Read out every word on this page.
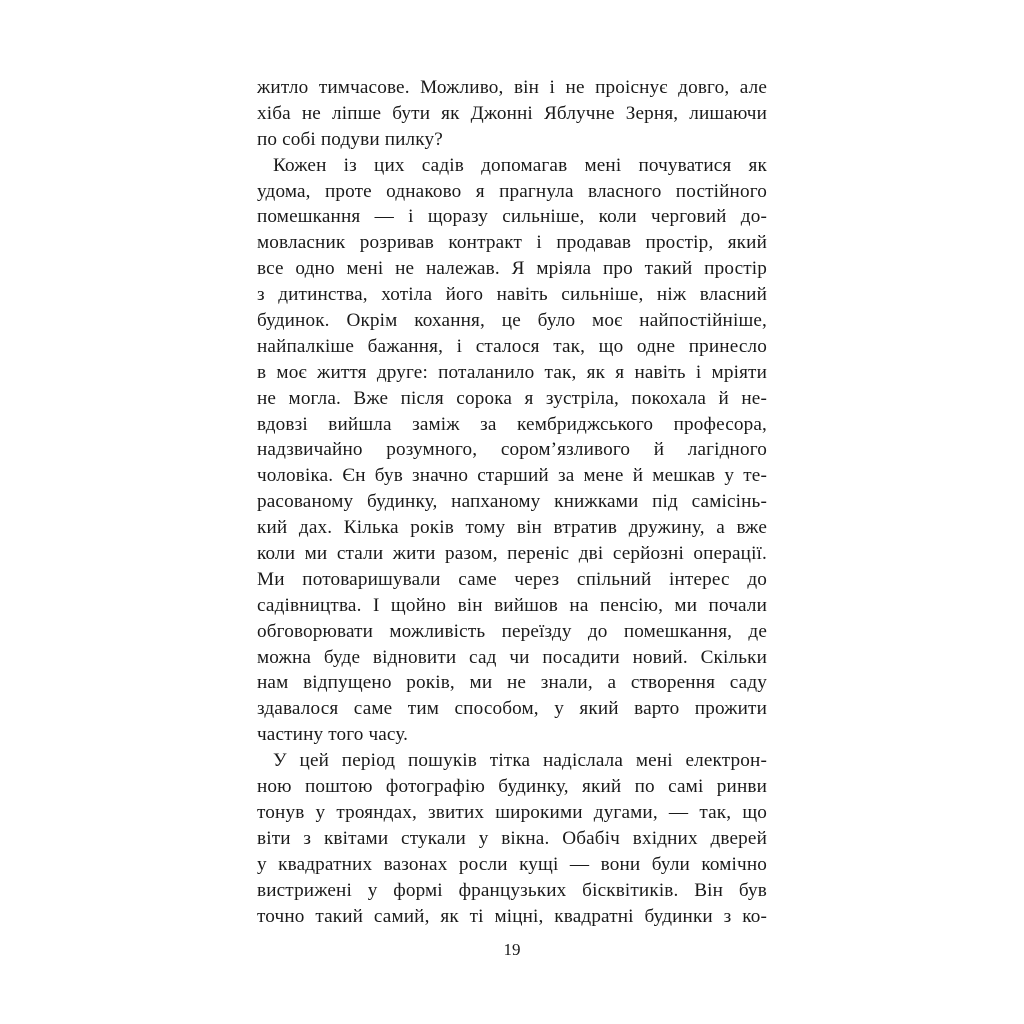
житло тимчасове. Можливо, він і не проіснує довго, але
хіба не ліпше бути як Джонні Яблучне Зерня, лишаючи
по собі подуви пилку?
Кожен із цих садів допомагав мені почуватися як
удома, проте однаково я прагнула власного постійного
помешкання — і щоразу сильніше, коли черговий до-
мовласник розривав контракт і продавав простір, який
все одно мені не належав. Я мріяла про такий простір
з дитинства, хотіла його навіть сильніше, ніж власний
будинок. Окрім кохання, це було моє найпостійніше,
найпалкіше бажання, і сталося так, що одне принесло
в моє життя друге: поталанило так, як я навіть і мріяти
не могла. Вже після сорока я зустріла, покохала й не-
вдовзі вийшла заміж за кембриджського професора,
надзвичайно розумного, сором’язливого й лагідного
чоловіка. Єн був значно старший за мене й мешкав у те-
расованому будинку, напханому книжками під самісінь-
кий дах. Кілька років тому він втратив дружину, а вже
коли ми стали жити разом, переніс дві серйозні операції.
Ми потоваришували саме через спільний інтерес до
садівництва. І щойно він вийшов на пенсію, ми почали
обговорювати можливість переїзду до помешкання, де
можна буде відновити сад чи посадити новий. Скільки
нам відпущено років, ми не знали, а створення саду
здавалося саме тим способом, у який варто прожити
частину того часу.
У цей період пошуків тітка надіслала мені електрон-
ною поштою фотографію будинку, який по самі ринви
тонув у трояндах, звитих широкими дугами, — так, що
віти з квітами стукали у вікна. Обабіч вхідних дверей
у квадратних вазонах росли кущі — вони були комічно
вистрижені у формі французьких бісквітиків. Він був
точно такий самий, як ті міцні, квадратні будинки з ко-
19
